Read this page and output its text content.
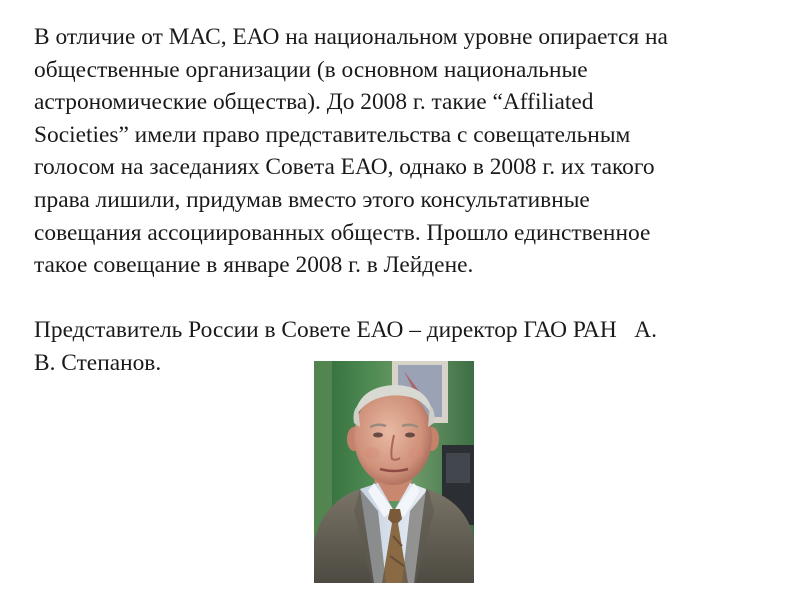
В отличие от МАС, ЕАО на национальном уровне опирается на
общественные организации (в основном национальные
астрономические общества). До 2008 г. такие “Affiliated
Societies” имели право представительства с совещательным
голосом на заседаниях Совета ЕАО, однако в 2008 г. их такого
права лишили, придумав вместо этого консультативные
совещания ассоциированных обществ. Прошло единственное
такое совещание в январе 2008 г. в Лейдене.
Представитель России в Совете ЕАО – директор ГАО РАН   А.
В. Степанов.
